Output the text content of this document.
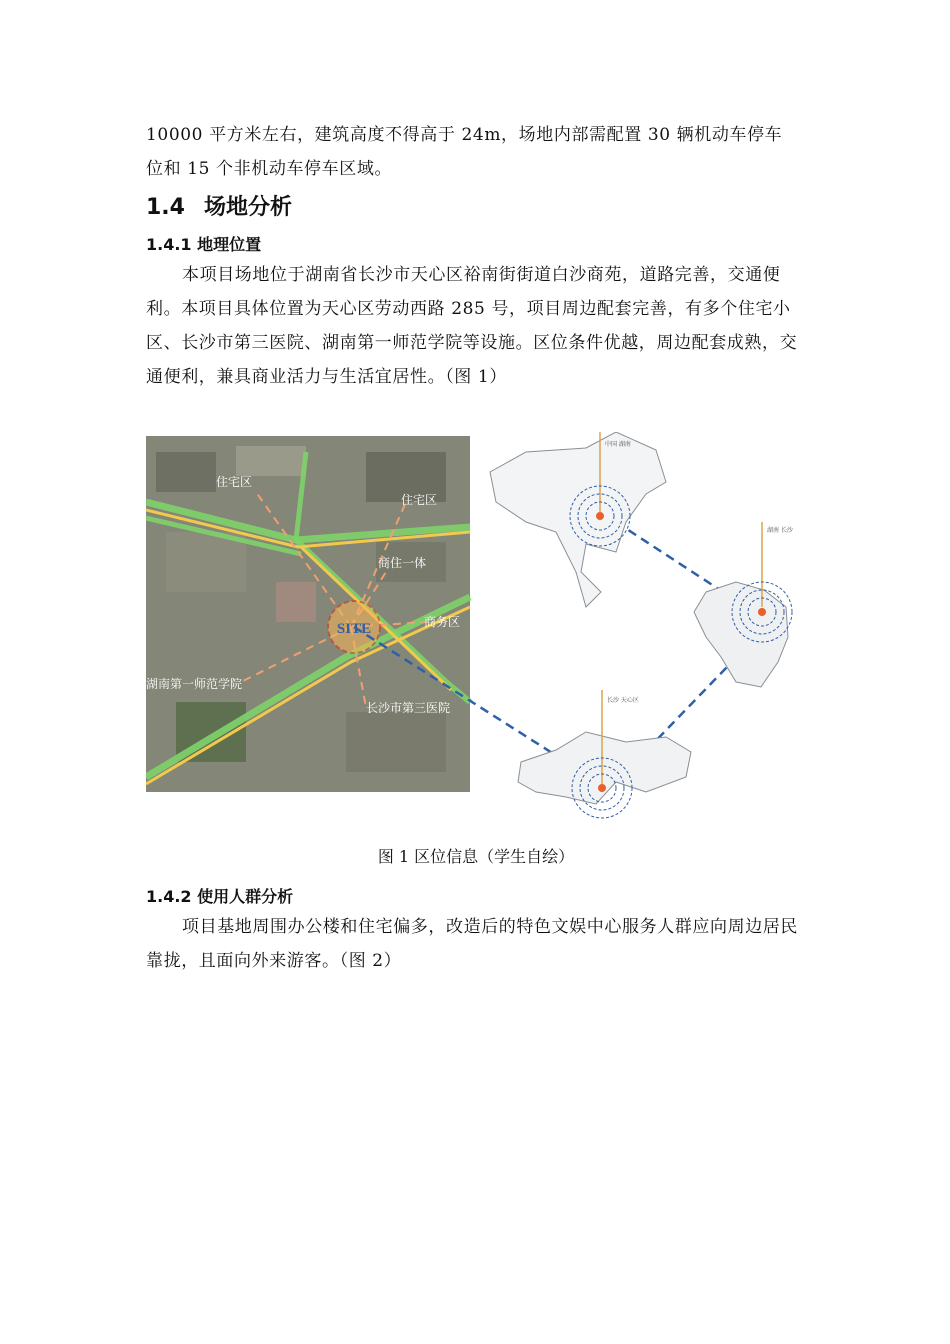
10000 平方米左右，建筑高度不得高于 24m，场地内部需配置 30 辆机动车停车

位和 15 个非机动车停车区域。

1.4 场地分析
1.4.1 地理位置

本项目场地位于湖南省长沙市天心区裕南街街道白沙商苑，道路完善，交通便利。本项目具体位置为天心区劳动西路 285 号，项目周边配套完善，有多个住宅小区、长沙市第三医院、湖南第一师范学院等设施。区位条件优越，周边配套成熟，交通便利，兼具商业活力与生活宜居性。（图 1）

SITE
住宅区
住宅区
商住一体
商务区
湖南第一师范学院
长沙市第三医院
中国 湖南
湖南 长沙
长沙 天心区

图 1 区位信息（学生自绘）

1.4.2 使用人群分析

项目基地周围办公楼和住宅偏多，改造后的特色文娱中心服务人群应向周边居民靠拢，且面向外来游客。（图 2）
